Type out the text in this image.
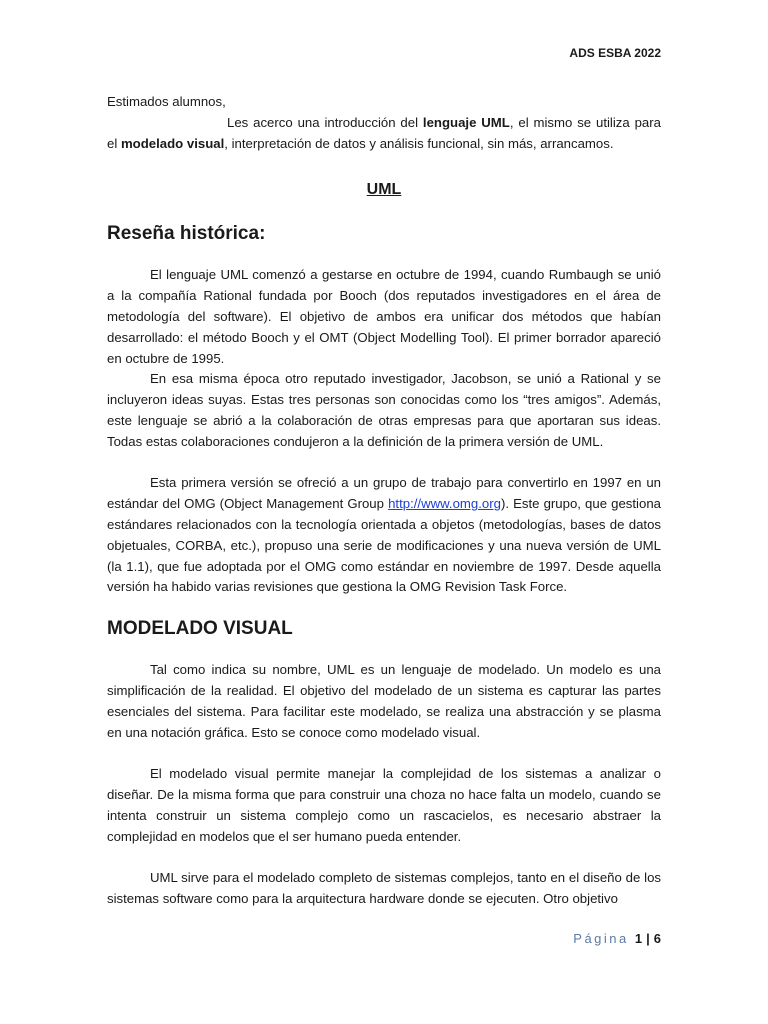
ADS ESBA 2022

Estimados alumnos,

Les acerco una introducción del lenguaje UML, el mismo se utiliza para el modelado visual, interpretación de datos y análisis funcional, sin más, arrancamos.

UML
Reseña histórica:

El lenguaje UML comenzó a gestarse en octubre de 1994, cuando Rumbaugh se unió a la compañía Rational fundada por Booch (dos reputados investigadores en el área de metodología del software). El objetivo de ambos era unificar dos métodos que habían desarrollado: el método Booch y el OMT (Object Modelling Tool). El primer borrador apareció en octubre de 1995.

En esa misma época otro reputado investigador, Jacobson, se unió a Rational y se incluyeron ideas suyas. Estas tres personas son conocidas como los “tres amigos”. Además, este lenguaje se abrió a la colaboración de otras empresas para que aportaran sus ideas. Todas estas colaboraciones condujeron a la definición de la primera versión de UML.

Esta primera versión se ofreció a un grupo de trabajo para convertirlo en 1997 en un estándar del OMG (Object Management Group http://www.omg.org). Este grupo, que gestiona estándares relacionados con la tecnología orientada a objetos (metodologías, bases de datos objetuales, CORBA, etc.), propuso una serie de modificaciones y una nueva versión de UML (la 1.1), que fue adoptada por el OMG como estándar en noviembre de 1997. Desde aquella versión ha habido varias revisiones que gestiona la OMG Revision Task Force.

MODELADO VISUAL

Tal como indica su nombre, UML es un lenguaje de modelado. Un modelo es una simplificación de la realidad. El objetivo del modelado de un sistema es capturar las partes esenciales del sistema. Para facilitar este modelado, se realiza una abstracción y se plasma en una notación gráfica. Esto se conoce como modelado visual.

El modelado visual permite manejar la complejidad de los sistemas a analizar o diseñar. De la misma forma que para construir una choza no hace falta un modelo, cuando se intenta construir un sistema complejo como un rascacielos, es necesario abstraer la complejidad en modelos que el ser humano pueda entender.

UML sirve para el modelado completo de sistemas complejos, tanto en el diseño de los sistemas software como para la arquitectura hardware donde se ejecuten. Otro objetivo

Página 1 | 6
